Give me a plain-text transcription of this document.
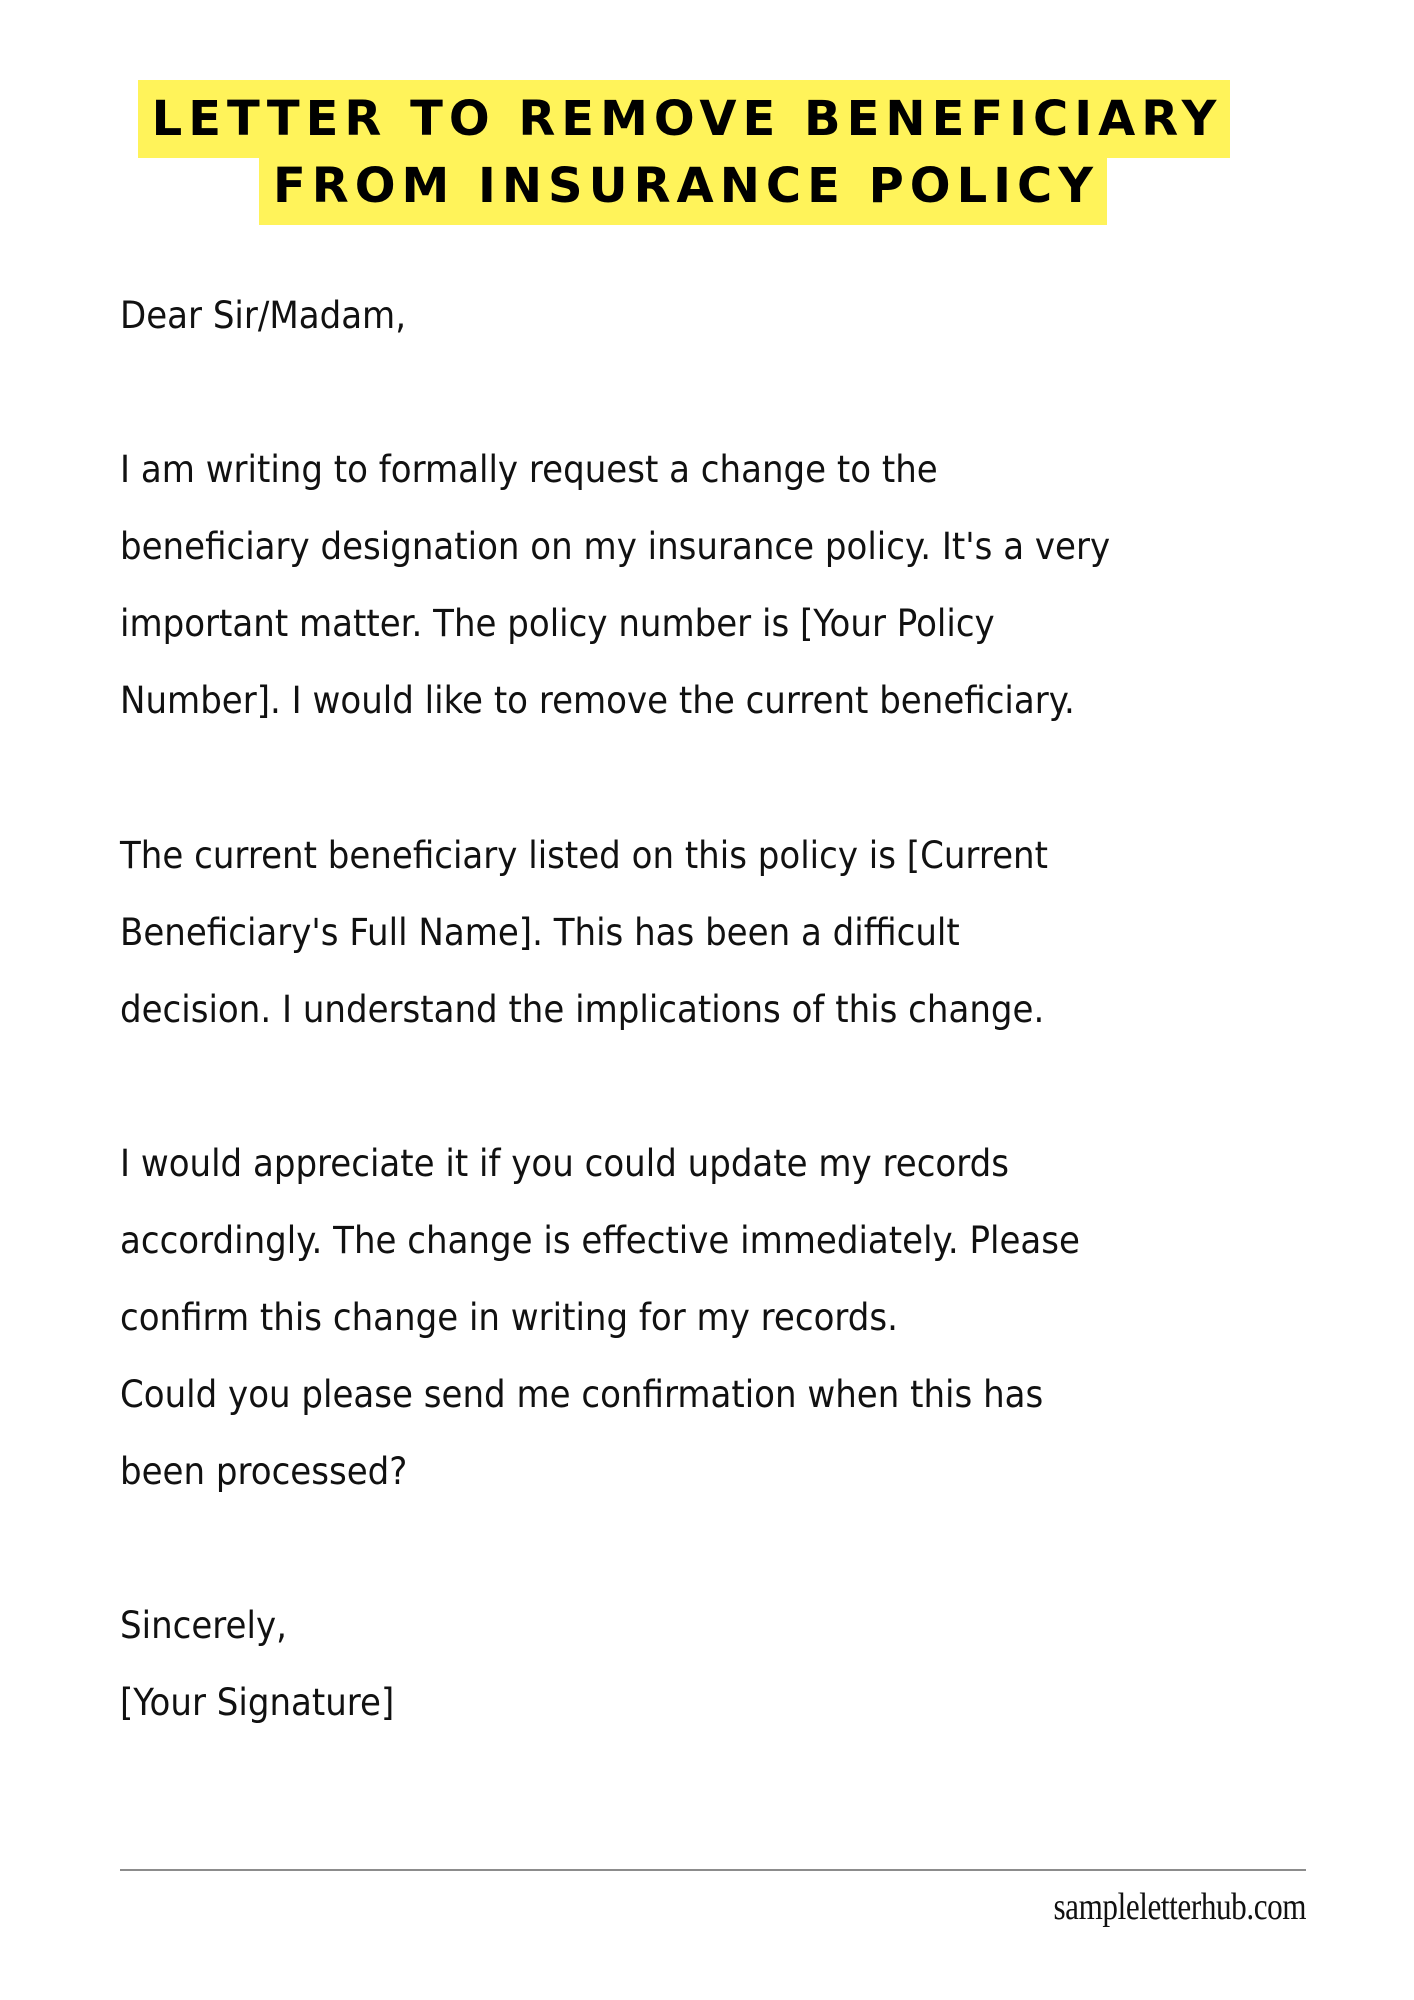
LETTER TO REMOVE BENEFICIARY
FROM INSURANCE POLICY
Dear Sir/Madam,
I am writing to formally request a change to the
beneficiary designation on my insurance policy. It's a very
important matter. The policy number is [Your Policy
Number]. I would like to remove the current beneficiary.
The current beneficiary listed on this policy is [Current
Beneficiary's Full Name]. This has been a difficult
decision. I understand the implications of this change.
I would appreciate it if you could update my records
accordingly. The change is effective immediately. Please
confirm this change in writing for my records.
Could you please send me confirmation when this has
been processed?
Sincerely,
[Your Signature]
sampleletterhub.com
